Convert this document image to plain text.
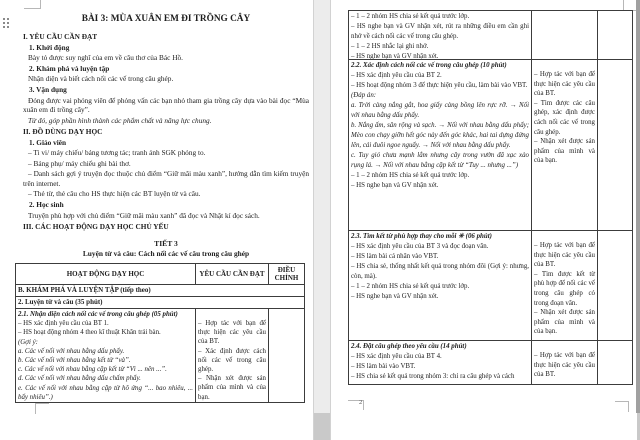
BÀI 3: MÙA XUÂN EM ĐI TRỒNG CÂY
I. YÊU CẦU CẦN ĐẠT
1. Khởi động
Bày tỏ được suy nghĩ của em về câu thơ của Bác Hồ.
2. Khám phá và luyện tập
Nhận diện và biết cách nối các vế trong câu ghép.
3. Vận dụng
Đóng được vai phóng viên để phỏng vấn các bạn nhỏ tham gia trồng cây dựa vào bài đọc “Mùa xuân em đi trồng cây”.
Từ đó, góp phần hình thành các phẩm chất và năng lực chung.
II. ĐỒ DÙNG DẠY HỌC
1. Giáo viên
– Ti vi/ máy chiếu/ bảng tương tác; tranh ảnh SGK phóng to.
– Bảng phụ/ máy chiếu ghi bài thơ.
– Danh sách gợi ý truyện đọc thuộc chủ điểm “Giữ mãi màu xanh”, hướng dẫn tìm kiếm truyện trên internet.
– Thẻ từ, thẻ câu cho HS thực hiện các BT luyện từ và câu.
2. Học sinh
Truyện phù hợp với chủ điểm “Giữ mãi màu xanh” đã đọc và Nhật kí đọc sách.
III. CÁC HOẠT ĐỘNG DẠY HỌC CHỦ YẾU
TIẾT 3
Luyện từ và câu: Cách nối các vế câu trong câu ghép
HOẠT ĐỘNG DẠY HỌC	YÊU CẦU CẦN ĐẠT
ĐIỀU CHỈNH
B. KHÁM PHÁ VÀ LUYỆN TẬP (tiếp theo)
2. Luyện từ và câu (35 phút)
2.1. Nhận diện cách nối các vế trong câu ghép (05 phút)
– HS xác định yêu cầu của BT 1.
– HS hoạt động nhóm 4 theo kĩ thuật Khăn trải bàn.
(Gợi ý:
a. Các vế nối với nhau bằng dấu phẩy.
b. Các vế nối với nhau bằng kết từ “và”.
c. Các vế nối với nhau bằng cặp kết từ “Vì ... nên ...”.
d. Các vế nối với nhau bằng dấu chấm phẩy.
e. Các vế nối với nhau bằng cặp từ hô ứng “... bao nhiêu, ... bấy nhiêu”.)
– Hợp tác với bạn để thực hiện các yêu cầu của BT.
– Xác định được cách nối các vế trong câu ghép.
– Nhận xét được sản phẩm của mình và của bạn.
2
– 1 – 2 nhóm HS chia sẻ kết quả trước lớp.
– HS nghe bạn và GV nhận xét, rút ra những điều em cần ghi nhớ về cách nối các vế trong câu ghép.
– 1 – 2 HS nhắc lại ghi nhớ.
– HS nghe bạn và GV nhận xét.
2.2. Xác định cách nối các vế trong câu ghép (10 phút)
– HS xác định yêu cầu của BT 2.
– HS hoạt động nhóm 3 để thực hiện yêu cầu, làm bài vào VBT.
(Đáp án:
a. Trời càng nắng gắt, hoa giấy càng bồng lên rực rỡ. → Nối với nhau bằng dấu phẩy.
b. Nắng ấm, sân rộng và sạch. → Nối với nhau bằng dấu phẩy; Mèo con chạy giỡn hết góc này đến góc khác, hai tai dựng đứng lên, cái đuôi ngoe nguẩy. → Nối với nhau bằng dấu phẩy.
c. Tuy gió chưa mạnh lắm nhưng cây trong vườn đã xạc xào rụng lá. → Nối với nhau bằng cặp kết từ “Tuy ... nhưng ...”)
– 1 – 2 nhóm HS chia sẻ kết quả trước lớp.
– HS nghe bạn và GV nhận xét.
– Hợp tác với bạn để thực hiện các yêu cầu của BT.
– Tìm được các câu ghép, xác định được cách nối các vế trong câu ghép.
– Nhận xét được sản phẩm của mình và của bạn.
2.3. Tìm kết từ phù hợp thay cho mỗi ✳ (06 phút)
– HS xác định yêu cầu của BT 3 và đọc đoạn văn.
– HS làm bài cá nhân vào VBT.
– HS chia sẻ, thống nhất kết quả trong nhóm đôi (Gợi ý: nhưng, còn, mà).
– 1 – 2 nhóm HS chia sẻ kết quả trước lớp.
– HS nghe bạn và GV nhận xét.
– Hợp tác với bạn để thực hiện các yêu cầu của BT.
– Tìm được kết từ phù hợp để nối các vế trong câu ghép có trong đoạn văn.
– Nhận xét được sản phẩm của mình và của bạn.
2.4. Đặt câu ghép theo yêu cầu (14 phút)
– HS xác định yêu cầu của BT 4.
– HS làm bài vào VBT.
– HS chia sẻ kết quả trong nhóm 3: chỉ ra câu ghép và cách
– Hợp tác với bạn để thực hiện các yêu cầu của BT.
